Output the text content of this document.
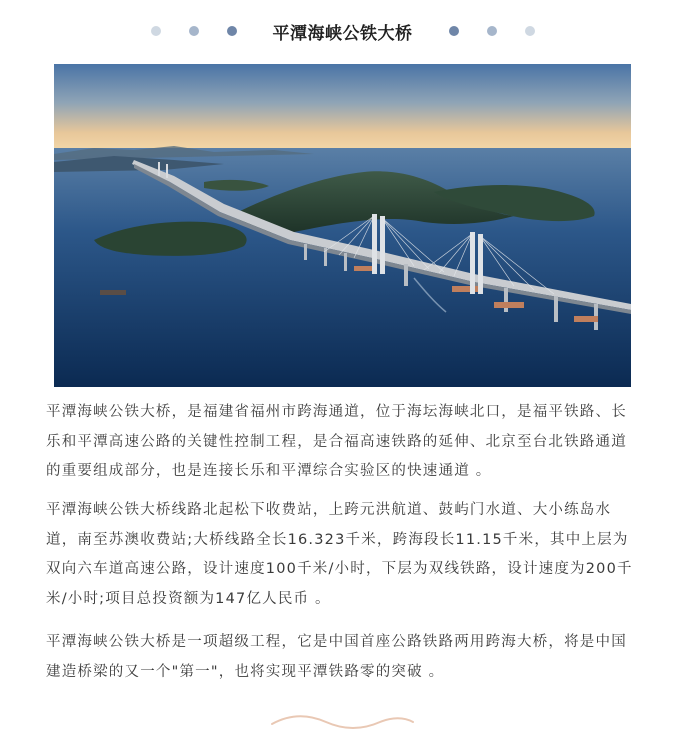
平潭海峡公铁大桥

平潭海峡公铁大桥，是福建省福州市跨海通道，位于海坛海峡北口，是福平铁路、长乐和平潭高速公路的关键性控制工程，是合福高速铁路的延伸、北京至台北铁路通道的重要组成部分，也是连接长乐和平潭综合实验区的快速通道 。

平潭海峡公铁大桥线路北起松下收费站，上跨元洪航道、鼓屿门水道、大小练岛水道，南至苏澳收费站;大桥线路全长16.323千米，跨海段长11.15千米，其中上层为双向六车道高速公路，设计速度100千米/小时，下层为双线铁路，设计速度为200千米/小时;项目总投资额为147亿人民币 。

平潭海峡公铁大桥是一项超级工程，它是中国首座公路铁路两用跨海大桥，将是中国建造桥梁的又一个"第一"，也将实现平潭铁路零的突破 。
